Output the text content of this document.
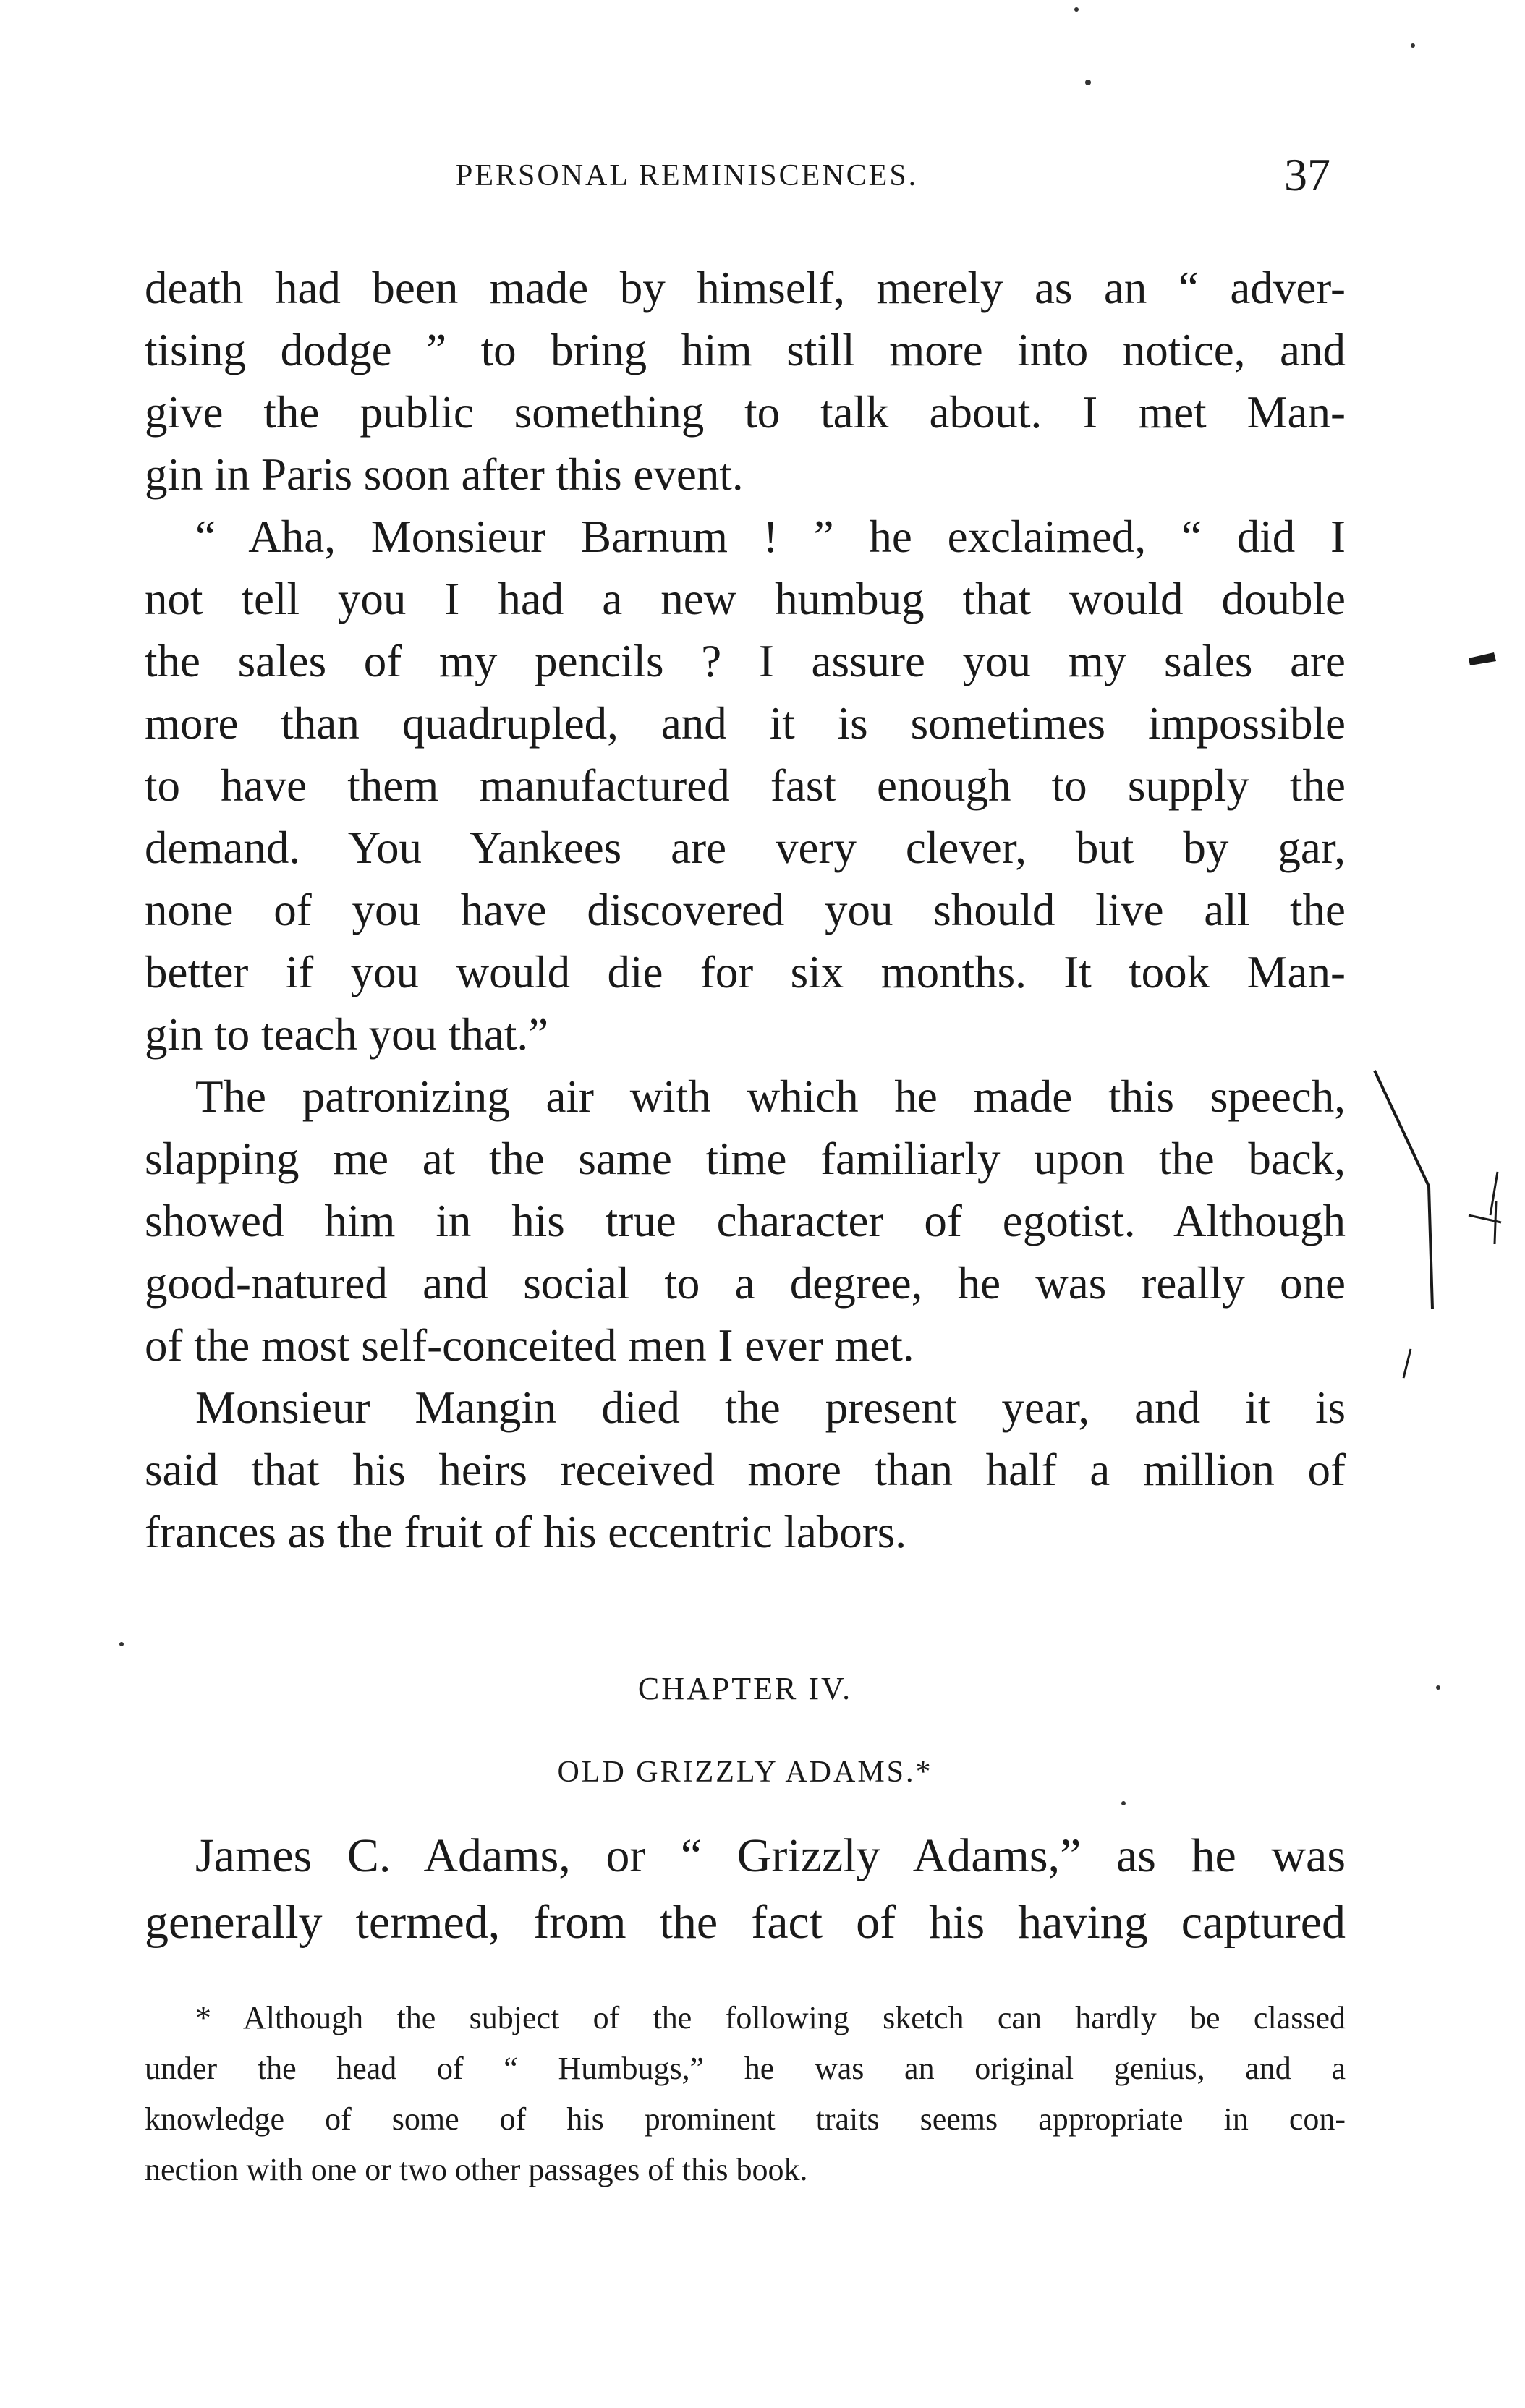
PERSONAL REMINISCENCES.	37
death had been made by himself, merely as an “ adver-
tising dodge ” to bring him still more into notice, and
give the public something to talk about. I met Man-
gin in Paris soon after this event.
“ Aha, Monsieur Barnum ! ” he exclaimed, “ did I
not tell you I had a new humbug that would double
the sales of my pencils ? I assure you my sales are
more than quadrupled, and it is sometimes impossible
to have them manufactured fast enough to supply the
demand. You Yankees are very clever, but by gar,
none of you have discovered you should live all the
better if you would die for six months. It took Man-
gin to teach you that.”
The patronizing air with which he made this speech,
slapping me at the same time familiarly upon the back,
showed him in his true character of egotist. Although
good-natured and social to a degree, he was really one
of the most self-conceited men I ever met.
Monsieur Mangin died the present year, and it is
said that his heirs received more than half a million of
frances as the fruit of his eccentric labors.
CHAPTER IV.
OLD GRIZZLY ADAMS.*
James C. Adams, or “ Grizzly Adams,” as he was
generally termed, from the fact of his having captured
* Although the subject of the following sketch can hardly be classed
under the head of “ Humbugs,” he was an original genius, and a
knowledge of some of his prominent traits seems appropriate in con-
nection with one or two other passages of this book.
